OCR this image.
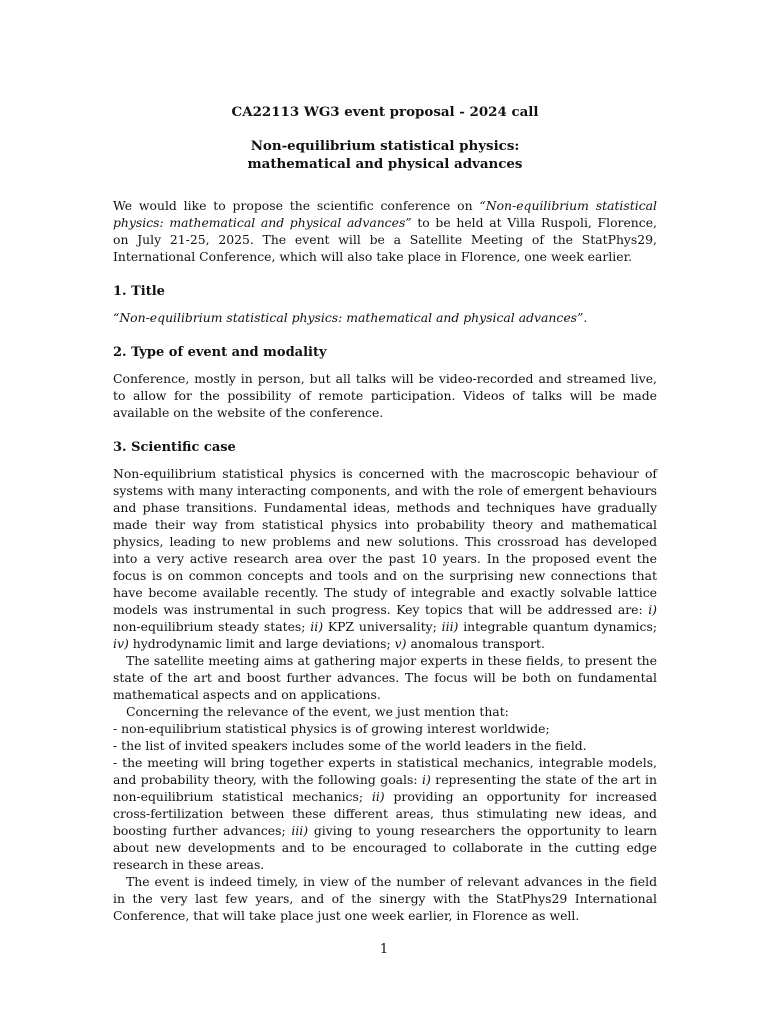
CA22113 WG3 event proposal - 2024 call

Non-equilibrium statistical physics:
mathematical and physical advances

We would like to propose the scientific conference on “Non-equilibrium statistical physics: mathematical and physical advances” to be held at Villa Ruspoli, Florence, on July 21-25, 2025. The event will be a Satellite Meeting of the StatPhys29, International Conference, which will also take place in Florence, one week earlier.

1. Title

“Non-equilibrium statistical physics: mathematical and physical advances”.

2. Type of event and modality

Conference, mostly in person, but all talks will be video-recorded and streamed live, to allow for the possibility of remote participation. Videos of talks will be made available on the website of the conference.

3. Scientific case

Non-equilibrium statistical physics is concerned with the macroscopic behaviour of systems with many interacting components, and with the role of emergent behaviours and phase transitions. Fundamental ideas, methods and techniques have gradually made their way from statistical physics into probability theory and mathematical physics, leading to new problems and new solutions. This crossroad has developed into a very active research area over the past 10 years. In the proposed event the focus is on common concepts and tools and on the surprising new connections that have become available recently. The study of integrable and exactly solvable lattice models was instrumental in such progress. Key topics that will be addressed are: i) non-equilibrium steady states; ii) KPZ universality; iii) integrable quantum dynamics; iv) hydrodynamic limit and large deviations; v) anomalous transport.

The satellite meeting aims at gathering major experts in these fields, to present the state of the art and boost further advances. The focus will be both on fundamental mathematical aspects and on applications.

Concerning the relevance of the event, we just mention that:

- non-equilibrium statistical physics is of growing interest worldwide;

- the list of invited speakers includes some of the world leaders in the field.

- the meeting will bring together experts in statistical mechanics, integrable models, and probability theory, with the following goals: i) representing the state of the art in non-equilibrium statistical mechanics; ii) providing an opportunity for increased cross-fertilization between these different areas, thus stimulating new ideas, and boosting further advances; iii) giving to young researchers the opportunity to learn about new developments and to be encouraged to collaborate in the cutting edge research in these areas.

The event is indeed timely, in view of the number of relevant advances in the field in the very last few years, and of the sinergy with the StatPhys29 International Conference, that will take place just one week earlier, in Florence as well.

1
